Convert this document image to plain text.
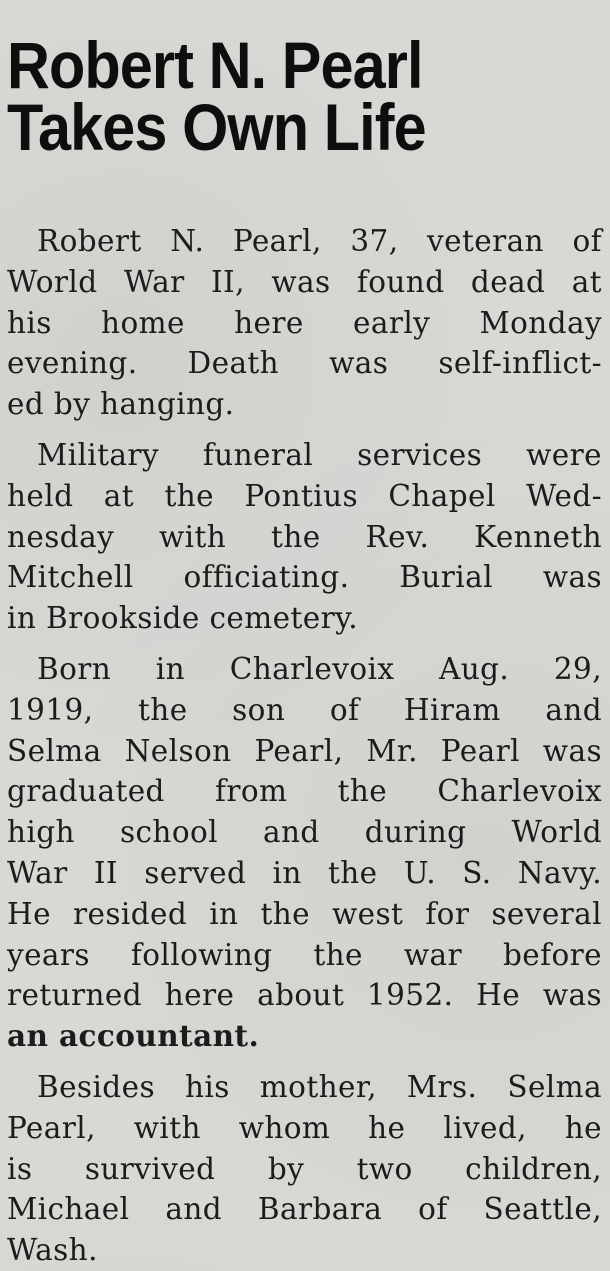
Robert N. Pearl
Takes Own Life
Robert N. Pearl, 37, veteran of
World War II, was found dead at
his home here early Monday
evening. Death was self-inflict-
ed by hanging.
Military funeral services were
held at the Pontius Chapel Wed-
nesday with the Rev. Kenneth
Mitchell officiating. Burial was
in Brookside cemetery.
Born in Charlevoix Aug. 29,
1919, the son of Hiram and
Selma Nelson Pearl, Mr. Pearl was
graduated from the Charlevoix
high school and during World
War II served in the U. S. Navy.
He resided in the west for several
years following the war before
returned here about 1952. He was
an accountant.
Besides his mother, Mrs. Selma
Pearl, with whom he lived, he
is survived by two children,
Michael and Barbara of Seattle,
Wash.
